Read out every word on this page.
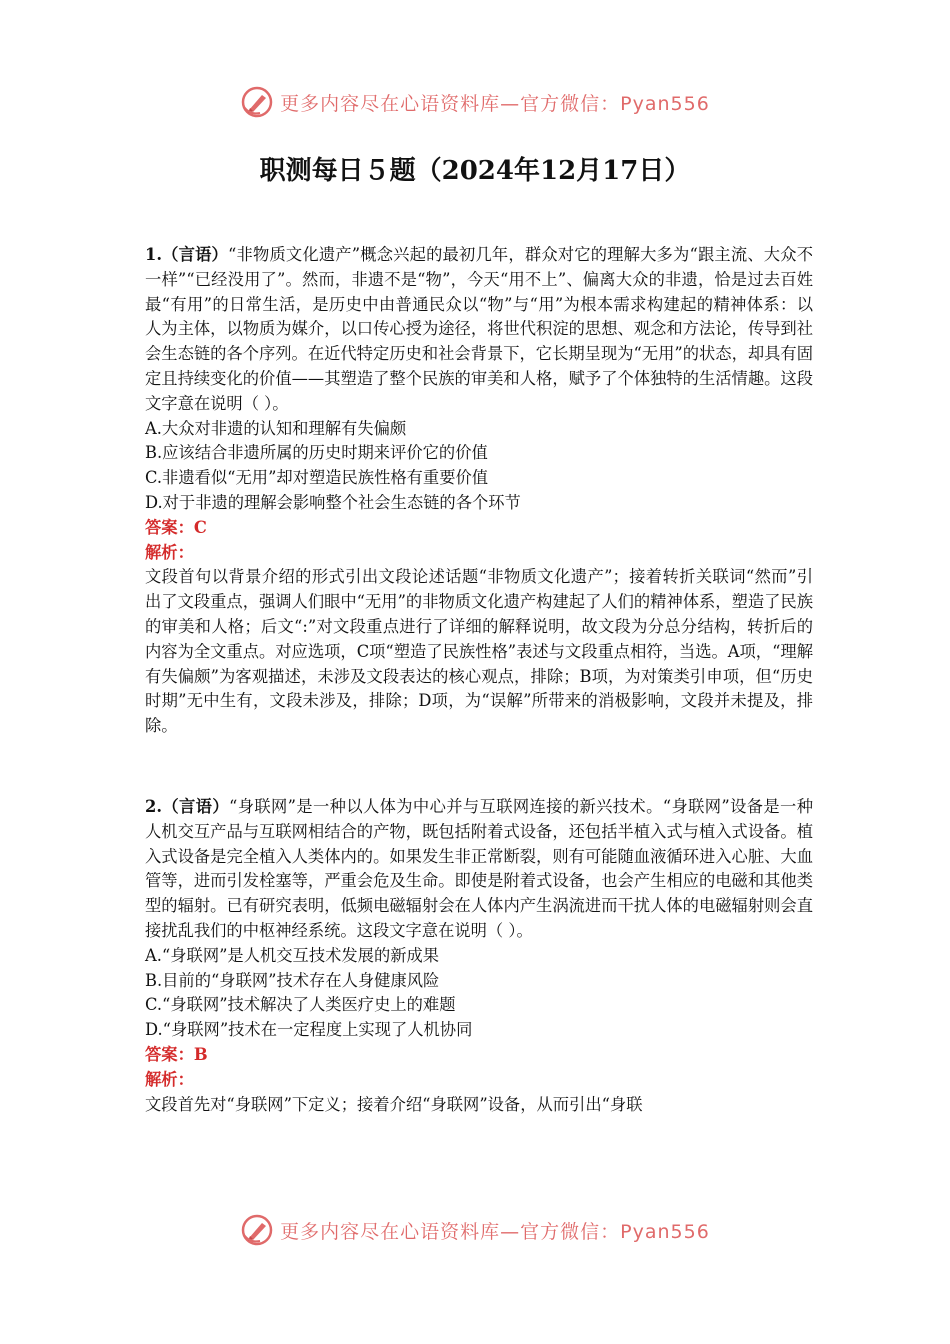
更多内容尽在心语资料库—官方微信：Pyan556
职测每日５题（2024年12月17日）

1.（言语）“非物质文化遗产”概念兴起的最初几年，群众对它的理解大多为“跟主流、大众不一样”“已经没用了”。然而，非遗不是“物”，今天“用不上”、偏离大众的非遗，恰是过去百姓最“有用”的日常生活，是历史中由普通民众以“物”与“用”为根本需求构建起的精神体系：以人为主体，以物质为媒介，以口传心授为途径，将世代积淀的思想、观念和方法论，传导到社会生态链的各个序列。在近代特定历史和社会背景下，它长期呈现为“无用”的状态，却具有固定且持续变化的价值——其塑造了整个民族的审美和人格，赋予了个体独特的生活情趣。这段文字意在说明（ ）。

A.大众对非遗的认知和理解有失偏颇

B.应该结合非遗所属的历史时期来评价它的价值

C.非遗看似“无用”却对塑造民族性格有重要价值

D.对于非遗的理解会影响整个社会生态链的各个环节

答案：C

解析：

文段首句以背景介绍的形式引出文段论述话题“非物质文化遗产”；接着转折关联词“然而”引出了文段重点，强调人们眼中“无用”的非物质文化遗产构建起了人们的精神体系，塑造了民族的审美和人格；后文“:”对文段重点进行了详细的解释说明，故文段为分总分结构，转折后的内容为全文重点。对应选项，C项“塑造了民族性格”表述与文段重点相符，当选。A项，“理解有失偏颇”为客观描述，未涉及文段表达的核心观点，排除；B项，为对策类引申项，但“历史时期”无中生有，文段未涉及，排除；D项，为“误解”所带来的消极影响，文段并未提及，排除。

2.（言语）“身联网”是一种以人体为中心并与互联网连接的新兴技术。“身联网”设备是一种人机交互产品与互联网相结合的产物，既包括附着式设备，还包括半植入式与植入式设备。植入式设备是完全植入人类体内的。如果发生非正常断裂，则有可能随血液循环进入心脏、大血管等，进而引发栓塞等，严重会危及生命。即使是附着式设备，也会产生相应的电磁和其他类型的辐射。已有研究表明，低频电磁辐射会在人体内产生涡流进而干扰人体的电磁辐射则会直接扰乱我们的中枢神经系统。这段文字意在说明（ ）。

A.“身联网”是人机交互技术发展的新成果

B.目前的“身联网”技术存在人身健康风险

C.“身联网”技术解决了人类医疗史上的难题

D.“身联网”技术在一定程度上实现了人机协同

答案：B

解析：

文段首先对“身联网”下定义；接着介绍“身联网”设备，从而引出“身联

更多内容尽在心语资料库—官方微信：Pyan556
